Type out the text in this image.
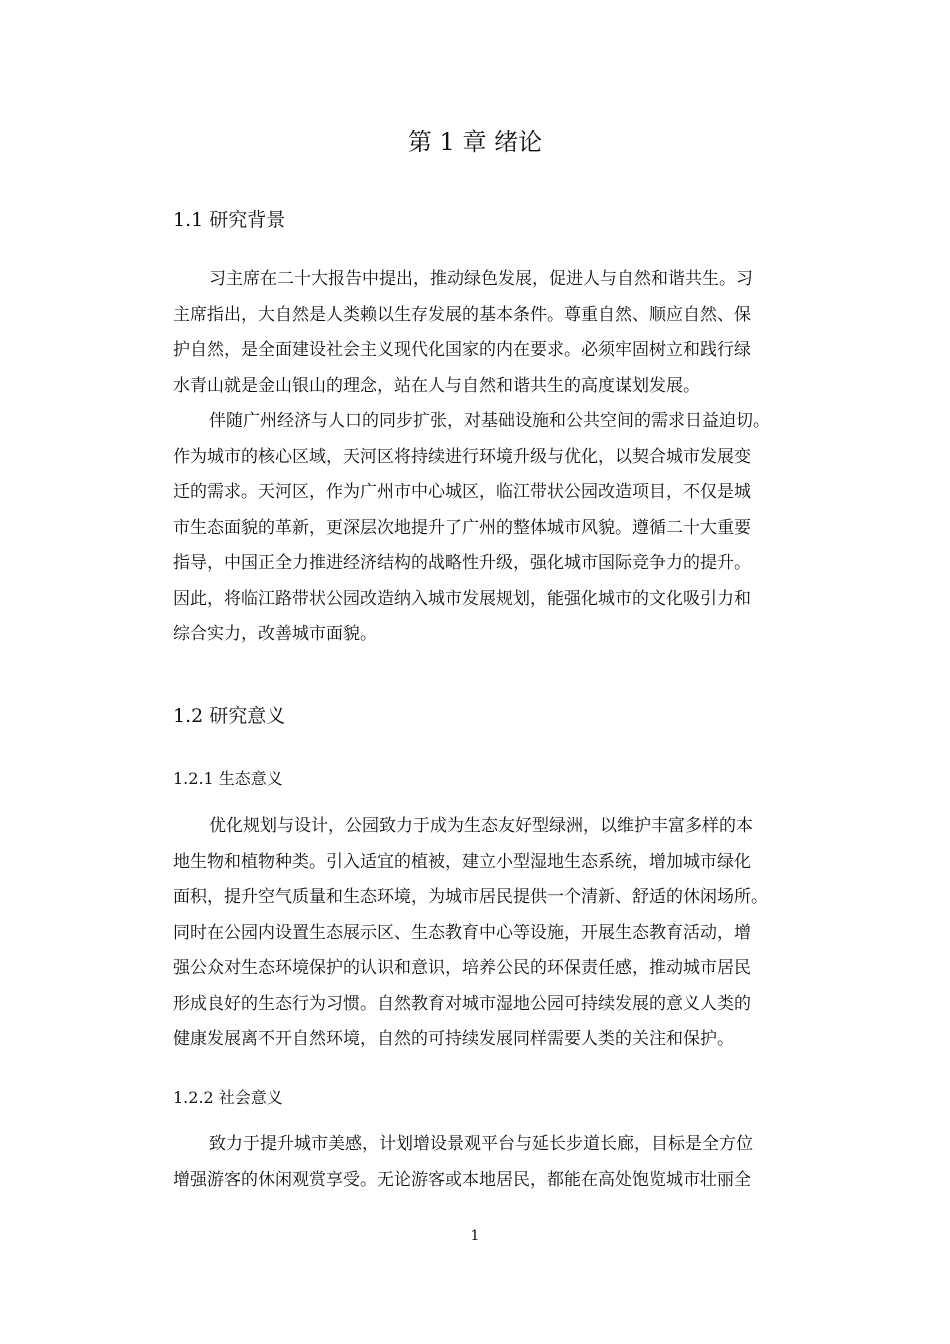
第 1 章 绪论
1.1 研究背景
习主席在二十大报告中提出，推动绿色发展，促进人与自然和谐共生。习
主席指出，大自然是人类赖以生存发展的基本条件。尊重自然、顺应自然、保
护自然，是全面建设社会主义现代化国家的内在要求。必须牢固树立和践行绿
水青山就是金山银山的理念，站在人与自然和谐共生的高度谋划发展。
伴随广州经济与人口的同步扩张，对基础设施和公共空间的需求日益迫切。
作为城市的核心区域，天河区将持续进行环境升级与优化，以契合城市发展变
迁的需求。天河区，作为广州市中心城区，临江带状公园改造项目，不仅是城
市生态面貌的革新，更深层次地提升了广州的整体城市风貌。遵循二十大重要
指导，中国正全力推进经济结构的战略性升级，强化城市国际竞争力的提升。
因此，将临江路带状公园改造纳入城市发展规划，能强化城市的文化吸引力和
综合实力，改善城市面貌。
1.2 研究意义
1.2.1 生态意义
优化规划与设计，公园致力于成为生态友好型绿洲，以维护丰富多样的本
地生物和植物种类。引入适宜的植被，建立小型湿地生态系统，增加城市绿化
面积，提升空气质量和生态环境，为城市居民提供一个清新、舒适的休闲场所。
同时在公园内设置生态展示区、生态教育中心等设施，开展生态教育活动，增
强公众对生态环境保护的认识和意识，培养公民的环保责任感，推动城市居民
形成良好的生态行为习惯。自然教育对城市湿地公园可持续发展的意义人类的
健康发展离不开自然环境，自然的可持续发展同样需要人类的关注和保护。
1.2.2 社会意义
致力于提升城市美感，计划增设景观平台与延长步道长廊，目标是全方位
增强游客的休闲观赏享受。无论游客或本地居民，都能在高处饱览城市壮丽全
1
